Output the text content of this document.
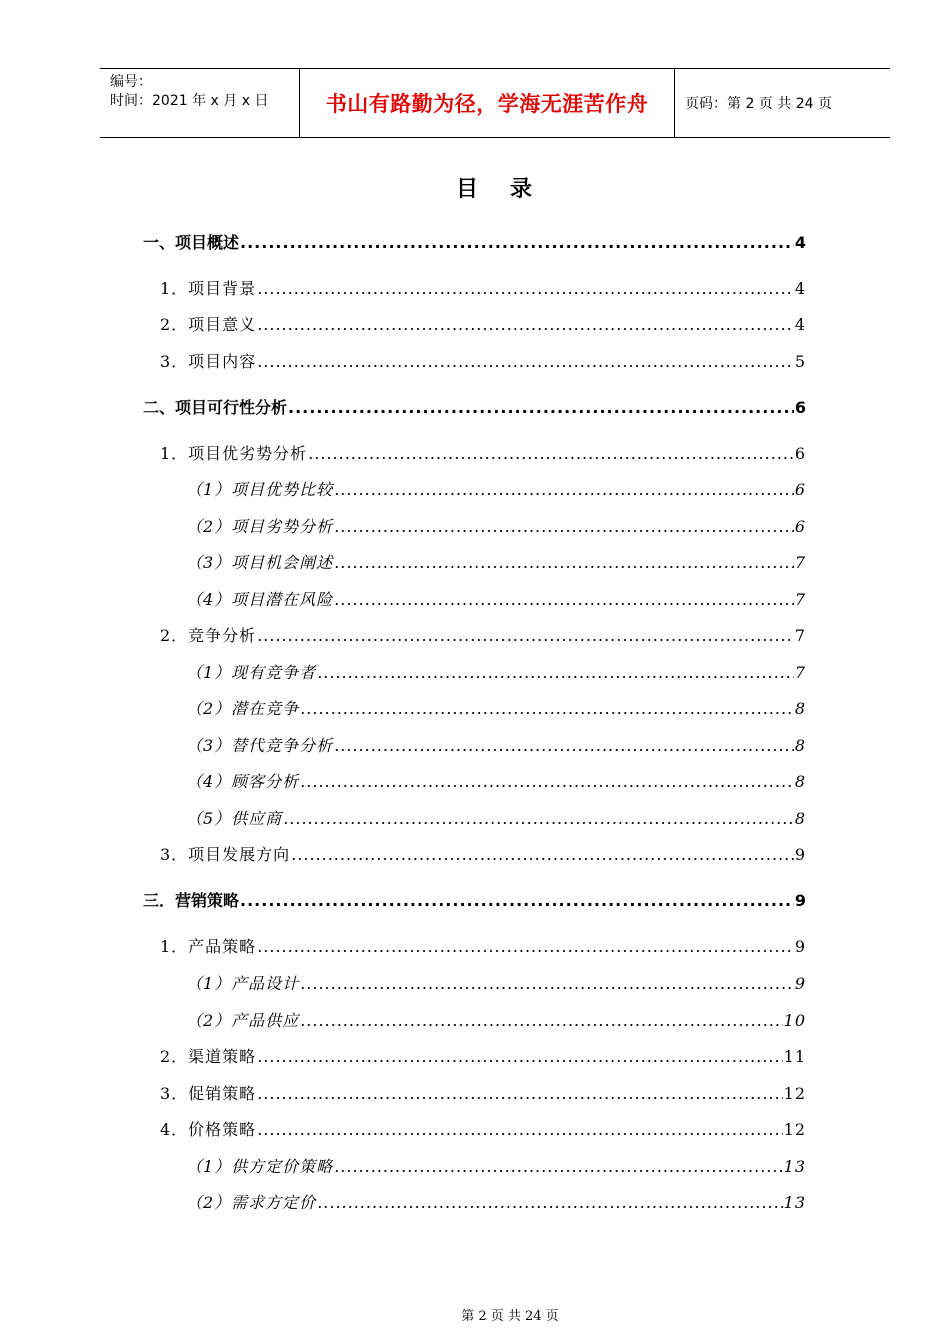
编号：
时间：2021 年 x 月 x 日	书山有路勤为径，学海无涯苦作舟	页码：第 2 页 共 24 页
目录
一、项目概述 .....	4
1．项目背景 .....	4
2．项目意义 .....	4
3．项目内容 .....	5
二、项目可行性分析 .....	6
1．项目优劣势分析 .....	6
（1）项目优势比较 .....	6
（2）项目劣势分析 .....	6
（3）项目机会阐述 .....	7
（4）项目潜在风险 .....	7
2．竞争分析 .....	7
（1）现有竞争者 .....	7
（2）潜在竞争 .....	8
（3）替代竞争分析 .....	8
（4）顾客分析 .....	8
（5）供应商 .....	8
3．项目发展方向 .....	9
三．营销策略 .....	9
1．产品策略 .....	9
（1）产品设计 .....	9
（2）产品供应 .....	10
2．渠道策略 .....	11
3．促销策略 .....	12
4．价格策略 .....	12
（1）供方定价策略 .....	13
（2）需求方定价 .....	13
第 2 页 共 24 页
